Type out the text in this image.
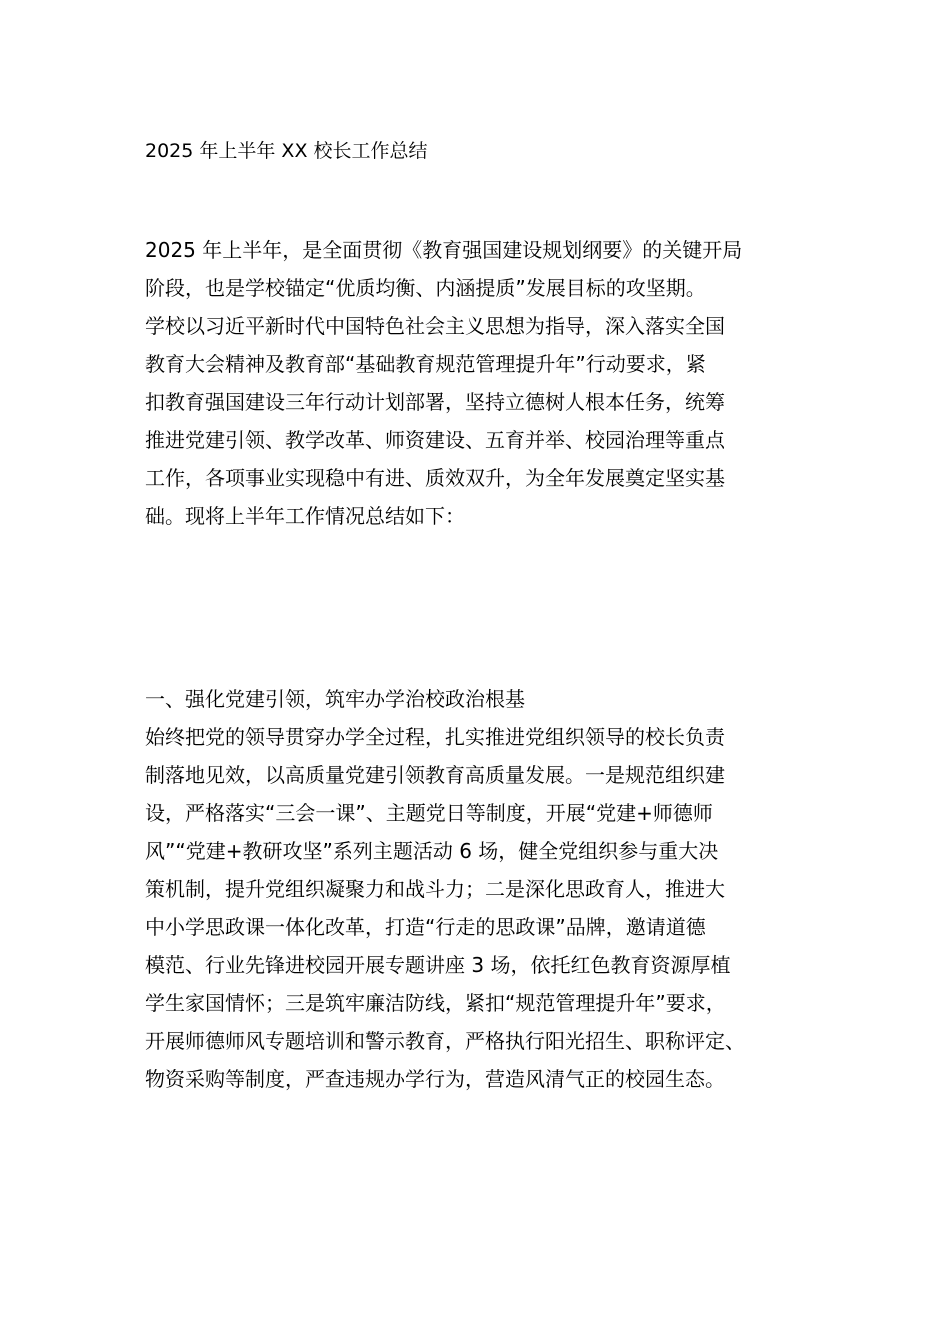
2025 年上半年 XX 校长工作总结
2025 年上半年，是全面贯彻《教育强国建设规划纲要》的关键开局
阶段，也是学校锚定“优质均衡、内涵提质”发展目标的攻坚期。
学校以习近平新时代中国特色社会主义思想为指导，深入落实全国
教育大会精神及教育部“基础教育规范管理提升年”行动要求，紧
扣教育强国建设三年行动计划部署，坚持立德树人根本任务，统筹
推进党建引领、教学改革、师资建设、五育并举、校园治理等重点
工作，各项事业实现稳中有进、质效双升，为全年发展奠定坚实基
础。现将上半年工作情况总结如下：
一、强化党建引领，筑牢办学治校政治根基
始终把党的领导贯穿办学全过程，扎实推进党组织领导的校长负责
制落地见效，以高质量党建引领教育高质量发展。一是规范组织建
设，严格落实“三会一课”、主题党日等制度，开展“党建+师德师
风”“党建+教研攻坚”系列主题活动 6 场，健全党组织参与重大决
策机制，提升党组织凝聚力和战斗力；二是深化思政育人，推进大
中小学思政课一体化改革，打造“行走的思政课”品牌，邀请道德
模范、行业先锋进校园开展专题讲座 3 场，依托红色教育资源厚植
学生家国情怀；三是筑牢廉洁防线，紧扣“规范管理提升年”要求，
开展师德师风专题培训和警示教育，严格执行阳光招生、职称评定、
物资采购等制度，严查违规办学行为，营造风清气正的校园生态。
